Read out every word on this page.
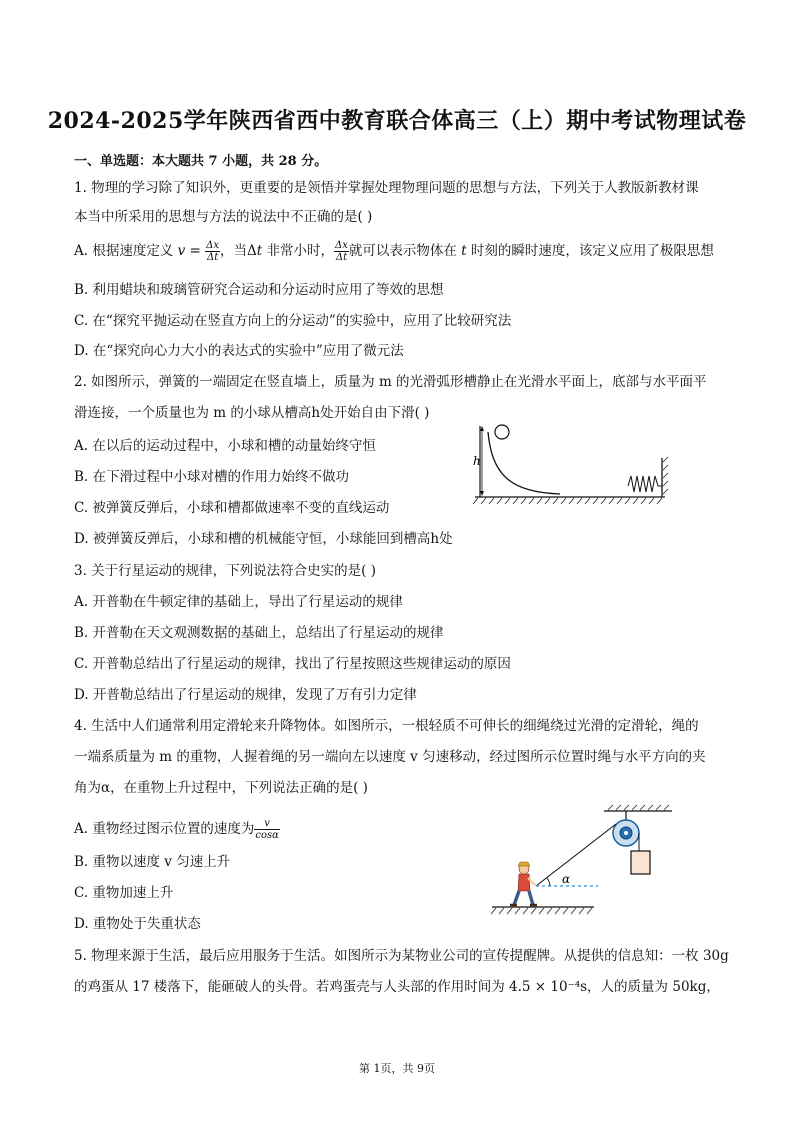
2024-2025学年陕西省西中教育联合体高三（上）期中考试物理试卷
一、单选题：本大题共 7 小题，共 28 分。
1. 物理的学习除了知识外，更重要的是领悟并掌握处理物理问题的思想与方法，下列关于人教版新教材课
本当中所采用的思想与方法的说法中不正确的是( )
A. 根据速度定义 $v = \frac{\Delta x}{\Delta t}$ ，当Δt 非常小时， $\frac{\Delta x}{\Delta t}$ 就可以表示物体在 t 时刻的瞬时速度，该定义应用了极限思想
B. 利用蜡块和玻璃管研究合运动和分运动时应用了等效的思想
C. 在“探究平抛运动在竖直方向上的分运动”的实验中，应用了比较研究法
D. 在“探究向心力大小的表达式的实验中”应用了微元法
2. 如图所示，弹簧的一端固定在竖直墙上，质量为 m 的光滑弧形槽静止在光滑水平面上，底部与水平面平
滑连接，一个质量也为 m 的小球从槽高h处开始自由下滑( )
A. 在以后的运动过程中，小球和槽的动量始终守恒
B. 在下滑过程中小球对槽的作用力始终不做功
C. 被弹簧反弹后，小球和槽都做速率不变的直线运动
D. 被弹簧反弹后，小球和槽的机械能守恒，小球能回到槽高h处
h
3. 关于行星运动的规律，下列说法符合史实的是( )
A. 开普勒在牛顿定律的基础上，导出了行星运动的规律
B. 开普勒在天文观测数据的基础上，总结出了行星运动的规律
C. 开普勒总结出了行星运动的规律，找出了行星按照这些规律运动的原因
D. 开普勒总结出了行星运动的规律，发现了万有引力定律
4. 生活中人们通常利用定滑轮来升降物体。如图所示，一根轻质不可伸长的细绳绕过光滑的定滑轮，绳的
一端系质量为 m 的重物，人握着绳的另一端向左以速度 v 匀速移动，经过图所示位置时绳与水平方向的夹
角为α，在重物上升过程中，下列说法正确的是( )
A. 重物经过图示位置的速度为 $\frac{v}{\cos\alpha}$
B. 重物以速度 v 匀速上升
C. 重物加速上升
D. 重物处于失重状态
α
5. 物理来源于生活，最后应用服务于生活。如图所示为某物业公司的宣传提醒牌。从提供的信息知：一枚 30g
的鸡蛋从 17 楼落下，能砸破人的头骨。若鸡蛋壳与人头部的作用时间为 4.5 × 10⁻⁴s，人的质量为 50kg，
第 1页，共 9页
